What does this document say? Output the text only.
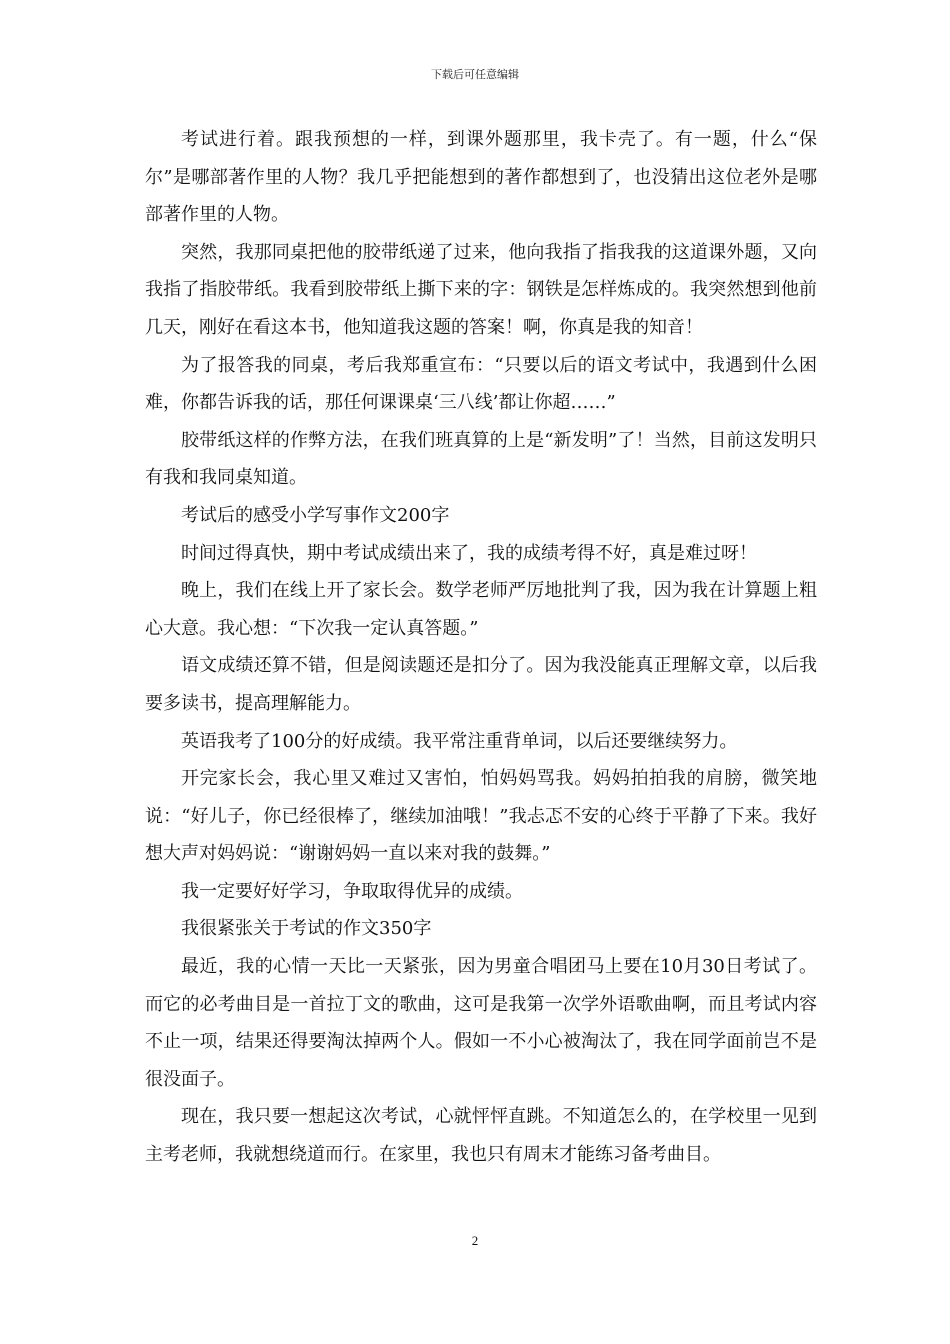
下载后可任意编辑

考试进行着。跟我预想的一样，到课外题那里，我卡壳了。有一题，什么“保尔”是哪部著作里的人物？我几乎把能想到的著作都想到了，也没猜出这位老外是哪部著作里的人物。

突然，我那同桌把他的胶带纸递了过来，他向我指了指我我的这道课外题，又向我指了指胶带纸。我看到胶带纸上撕下来的字：钢铁是怎样炼成的。我突然想到他前几天，刚好在看这本书，他知道我这题的答案！啊，你真是我的知音！

为了报答我的同桌，考后我郑重宣布：“只要以后的语文考试中，我遇到什么困难，你都告诉我的话，那任何课课桌‘三八线’都让你超……”

胶带纸这样的作弊方法，在我们班真算的上是“新发明”了！当然，目前这发明只有我和我同桌知道。

考试后的感受小学写事作文200字

时间过得真快，期中考试成绩出来了，我的成绩考得不好，真是难过呀！

晚上，我们在线上开了家长会。数学老师严厉地批判了我，因为我在计算题上粗心大意。我心想：“下次我一定认真答题。”

语文成绩还算不错，但是阅读题还是扣分了。因为我没能真正理解文章，以后我要多读书，提高理解能力。

英语我考了100分的好成绩。我平常注重背单词，以后还要继续努力。

开完家长会，我心里又难过又害怕，怕妈妈骂我。妈妈拍拍我的肩膀，微笑地说：“好儿子，你已经很棒了，继续加油哦！”我忐忑不安的心终于平静了下来。我好想大声对妈妈说：“谢谢妈妈一直以来对我的鼓舞。”

我一定要好好学习，争取取得优异的成绩。

我很紧张关于考试的作文350字

最近，我的心情一天比一天紧张，因为男童合唱团马上要在10月30日考试了。而它的必考曲目是一首拉丁文的歌曲，这可是我第一次学外语歌曲啊，而且考试内容不止一项，结果还得要淘汰掉两个人。假如一不小心被淘汰了，我在同学面前岂不是很没面子。

现在，我只要一想起这次考试，心就怦怦直跳。不知道怎么的，在学校里一见到主考老师，我就想绕道而行。在家里，我也只有周末才能练习备考曲目。

2
